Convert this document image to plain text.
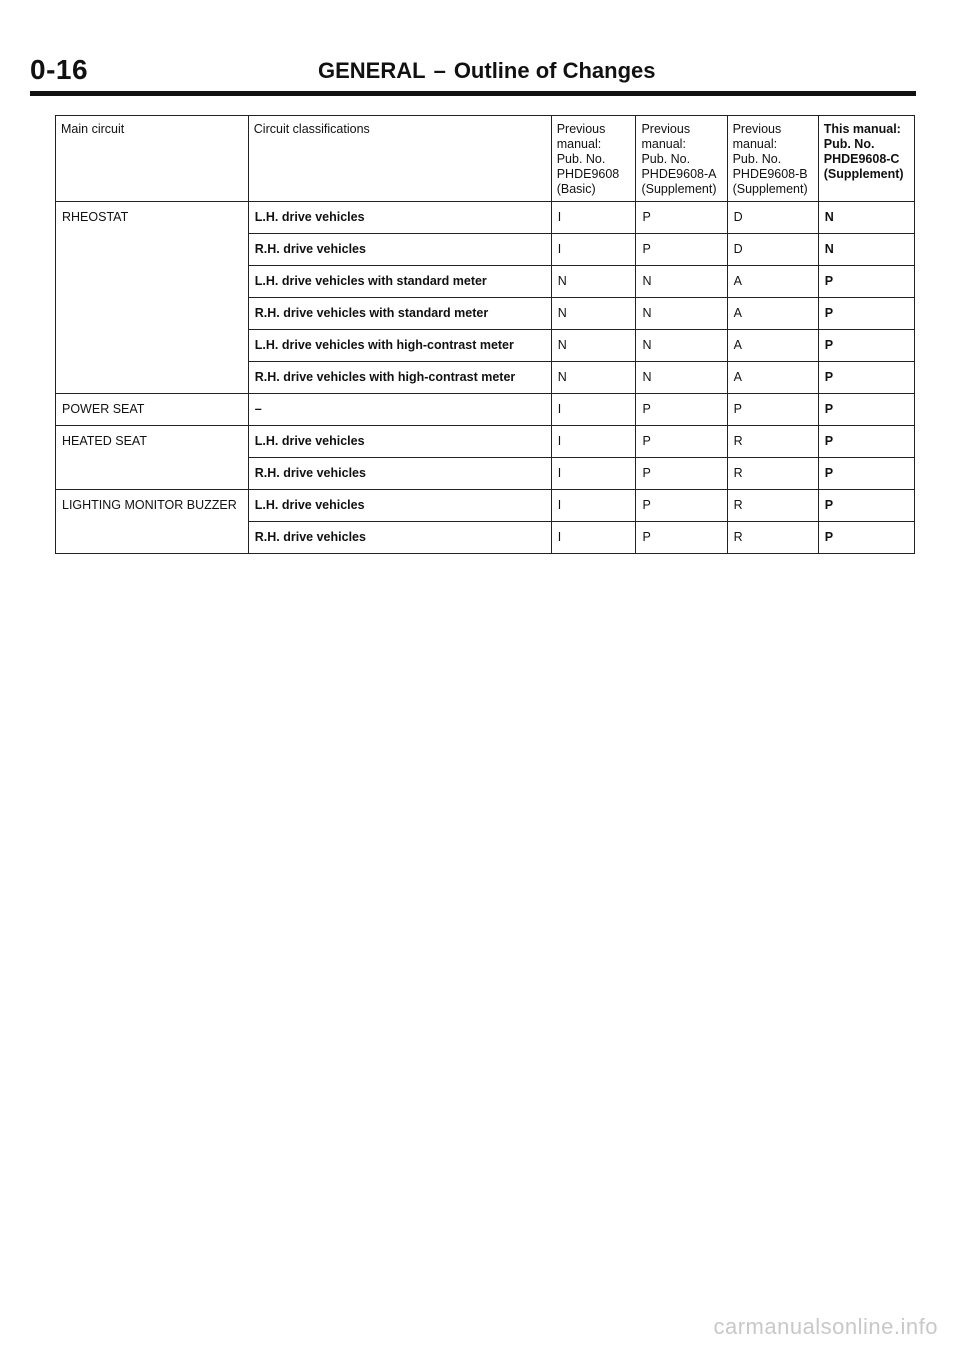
0-16	GENERAL – Outline of Changes
Main circuit	Circuit classifications	Previous
manual:
Pub. No.
PHDE9608
(Basic)	Previous
manual:
Pub. No.
PHDE9608-A
(Supplement)	Previous
manual:
Pub. No.
PHDE9608-B
(Supplement)	This manual:
Pub. No.
PHDE9608-C
(Supplement)

RHEOSTAT	L.H. drive vehicles	I	P	D	N
	R.H. drive vehicles	I	P	D	N
	L.H. drive vehicles with standard meter	N	N	A	P
	R.H. drive vehicles with standard meter	N	N	A	P
	L.H. drive vehicles with high-contrast meter	N	N	A	P
	R.H. drive vehicles with high-contrast meter	N	N	A	P
POWER SEAT	–	I	P	P	P
HEATED SEAT	L.H. drive vehicles	I	P	R	P
	R.H. drive vehicles	I	P	R	P
LIGHTING MONITOR BUZZER	L.H. drive vehicles	I	P	R	P
	R.H. drive vehicles	I	P	R	P
carmanualsonline.info
